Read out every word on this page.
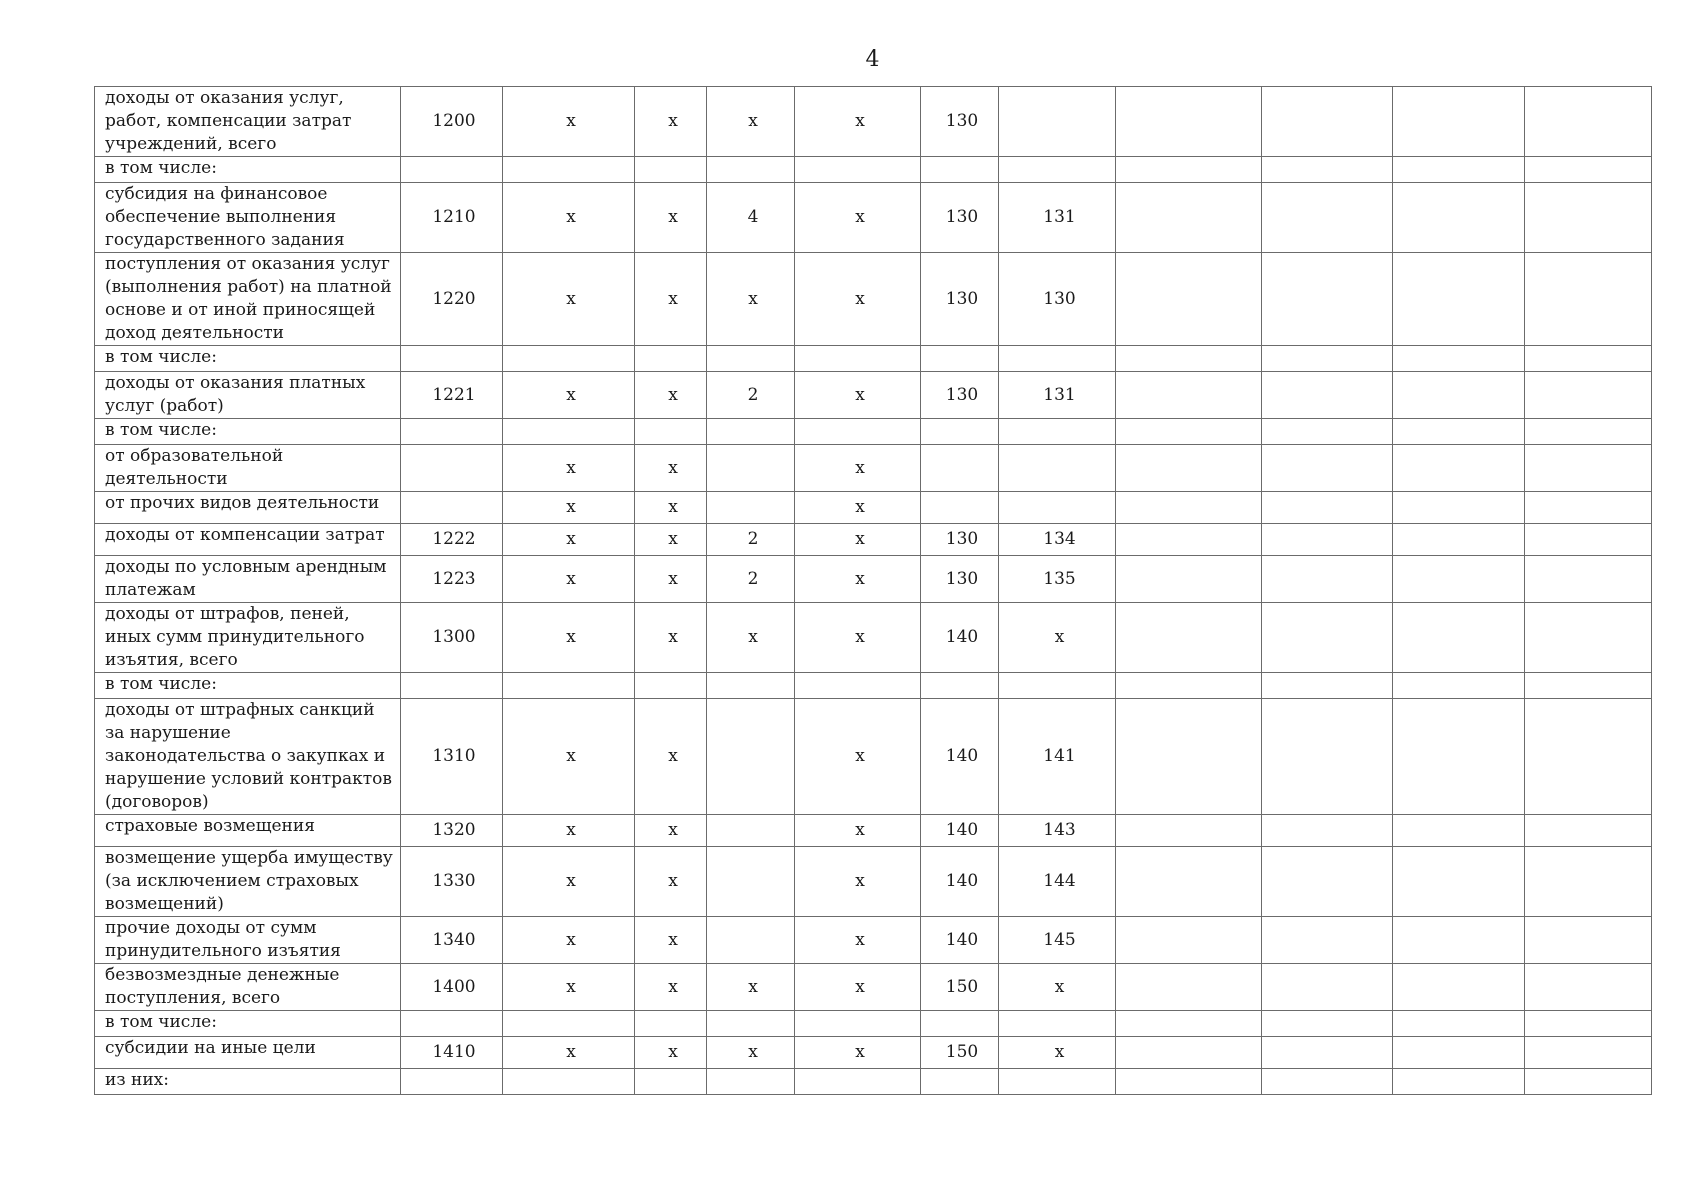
4
доходы от оказания услуг, работ, компенсации затрат учреждений, всего	1200	x	x	x	x	130					
в том числе:											
субсидия на финансовое обеспечение выполнения государственного задания	1210	x	x	4	x	130	131				
поступления от оказания услуг (выполнения работ) на платной основе и от иной приносящей доход деятельности	1220	x	x	x	x	130	130				
в том числе:											
доходы от оказания платных услуг (работ)	1221	x	x	2	x	130	131				
в том числе:											
от образовательной деятельности		x	x		x						
от прочих видов деятельности		x	x		x						
доходы от компенсации затрат	1222	x	x	2	x	130	134				
доходы по условным арендным платежам	1223	x	x	2	x	130	135				
доходы от штрафов, пеней, иных сумм принудительного изъятия, всего	1300	x	x	x	x	140	x				
в том числе:											
доходы от штрафных санкций за нарушение законодательства о закупках и нарушение условий контрактов (договоров)	1310	x	x		x	140	141				
страховые возмещения	1320	x	x		x	140	143				
возмещение ущерба имуществу (за исключением страховых возмещений)	1330	x	x		x	140	144				
прочие доходы от сумм принудительного изъятия	1340	x	x		x	140	145				
безвозмездные денежные поступления, всего	1400	x	x	x	x	150	x				
в том числе:											
субсидии на иные цели	1410	x	x	x	x	150	x				
из них:											
